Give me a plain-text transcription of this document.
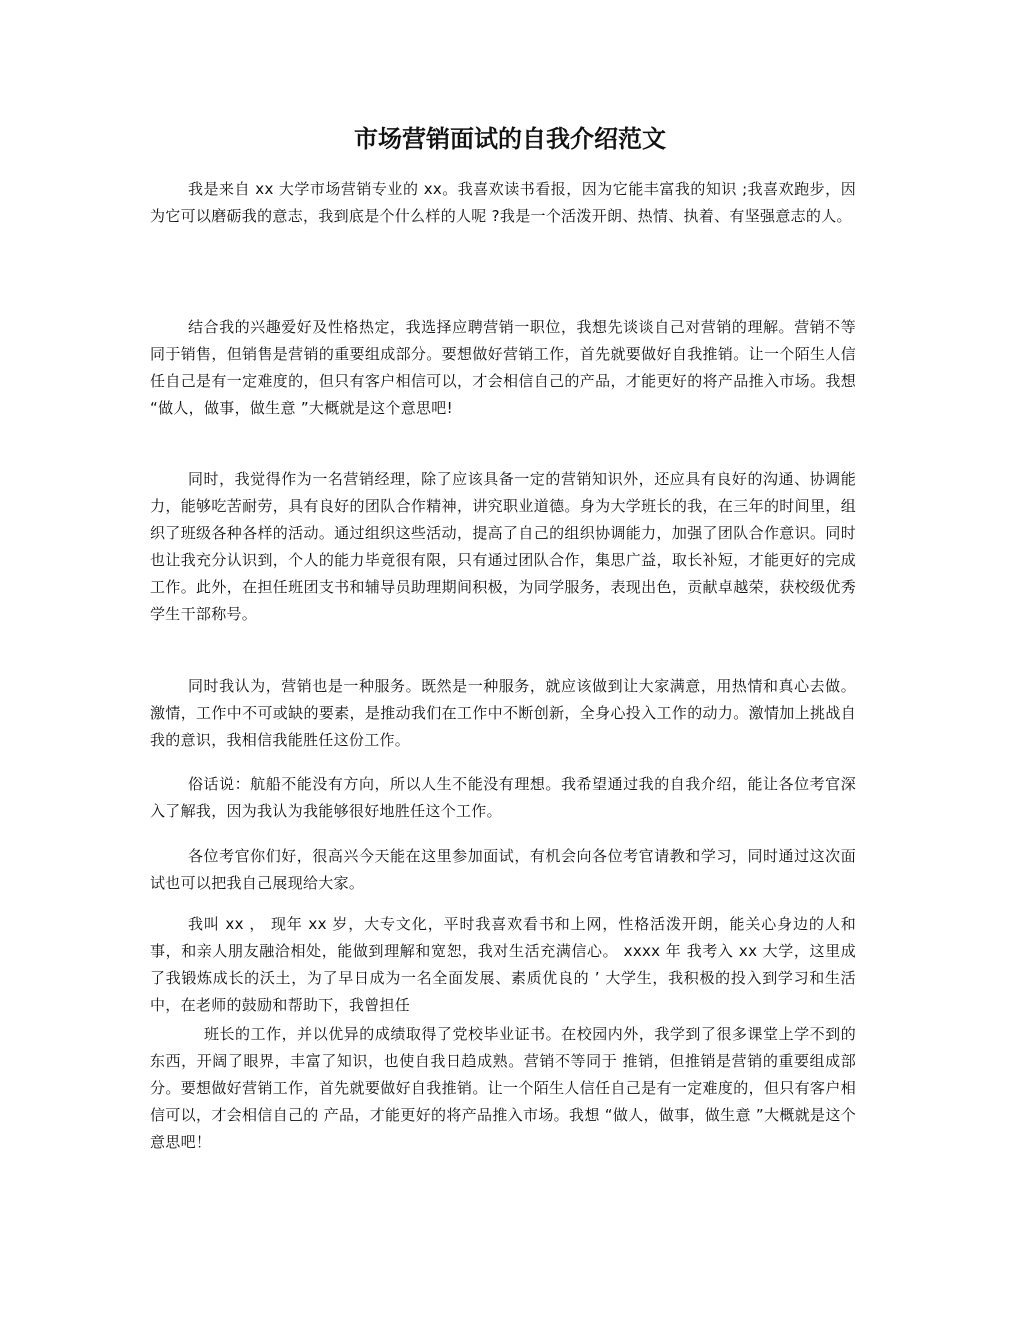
市场营销面试的自我介绍范文

我是来自 xx 大学市场营销专业的 xx。我喜欢读书看报，因为它能丰富我的知识 ;我喜欢跑步，因为它可以磨砺我的意志，我到底是个什么样的人呢 ?我是一个活泼开朗、热情、执着、有坚强意志的人。

结合我的兴趣爱好及性格热定，我选择应聘营销一职位，我想先谈谈自己对营销的理解。营销不等同于销售，但销售是营销的重要组成部分。要想做好营销工作，首先就要做好自我推销。让一个陌生人信任自己是有一定难度的，但只有客户相信可以，才会相信自己的产品，才能更好的将产品推入市场。我想 “做人，做事，做生意 ”大概就是这个意思吧!

同时，我觉得作为一名营销经理，除了应该具备一定的营销知识外，还应具有良好的沟通、协调能力，能够吃苦耐劳，具有良好的团队合作精神，讲究职业道德。身为大学班长的我，在三年的时间里，组织了班级各种各样的活动。通过组织这些活动，提高了自己的组织协调能力，加强了团队合作意识。同时也让我充分认识到，个人的能力毕竟很有限，只有通过团队合作，集思广益，取长补短，才能更好的完成工作。此外，在担任班团支书和辅导员助理期间积极，为同学服务，表现出色，贡献卓越荣，获校级优秀学生干部称号。

同时我认为，营销也是一种服务。既然是一种服务，就应该做到让大家满意，用热情和真心去做。激情，工作中不可或缺的要素，是推动我们在工作中不断创新，全身心投入工作的动力。激情加上挑战自我的意识，我相信我能胜任这份工作。

俗话说：航船不能没有方向，所以人生不能没有理想。我希望通过我的自我介绍，能让各位考官深入了解我，因为我认为我能够很好地胜任这个工作。

各位考官你们好，很高兴今天能在这里参加面试，有机会向各位考官请教和学习，同时通过这次面试也可以把我自己展现给大家。

我叫 xx ， 现年 xx 岁，大专文化，平时我喜欢看书和上网，性格活泼开朗，能关心身边的人和事，和亲人朋友融洽相处，能做到理解和宽恕，我对生活充满信心。 xxxx 年 我考入 xx 大学，这里成了我锻炼成长的沃土，为了早日成为一名全面发展、素质优良的 ’ 大学生，我积极的投入到学习和生活中，在老师的鼓励和帮助下，我曾担任

班长的工作，并以优异的成绩取得了党校毕业证书。在校园内外，我学到了很多课堂上学不到的东西，开阔了眼界，丰富了知识，也使自我日趋成熟。营销不等同于 推销，但推销是营销的重要组成部分。要想做好营销工作，首先就要做好自我推销。让一个陌生人信任自己是有一定难度的，但只有客户相信可以，才会相信自己的 产品，才能更好的将产品推入市场。我想 “做人，做事，做生意 ”大概就是这个意思吧！
